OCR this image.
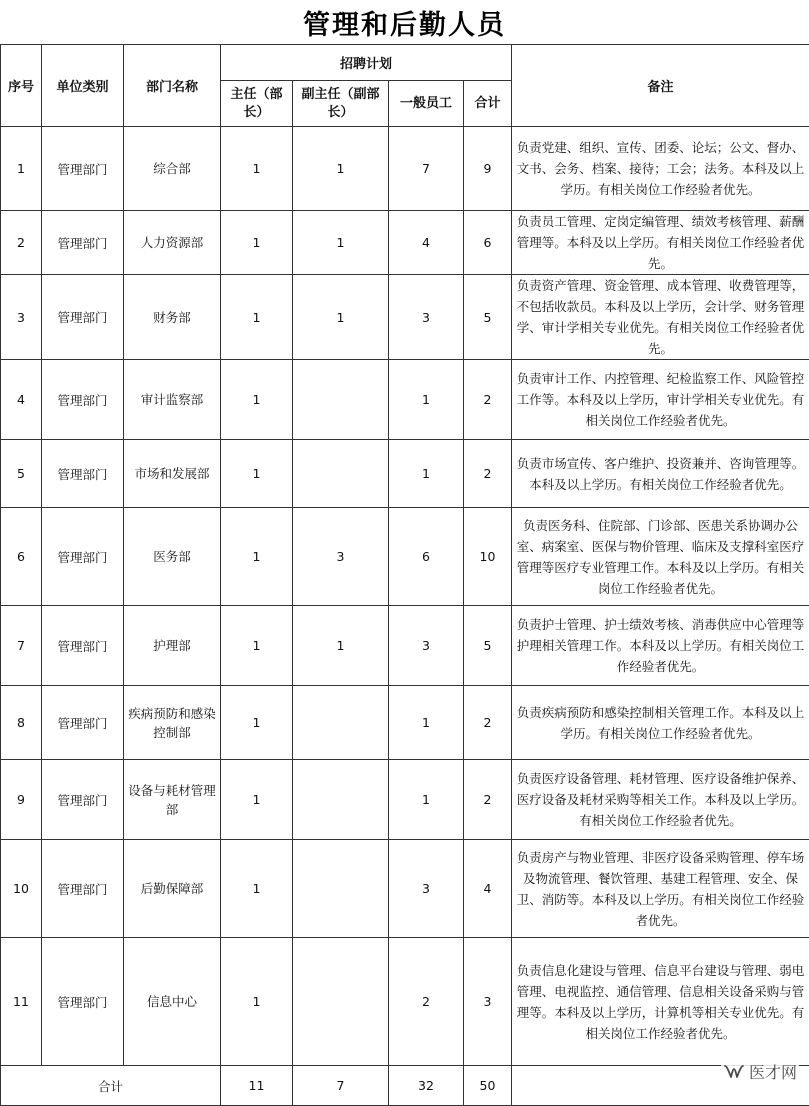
管理和后勤人员
序号	单位类别	部门名称	招聘计划				备注
			主任（部长）	副主任（副部长）	一般员工	合计	
1	管理部门	综合部	1	1	7	9	负责党建、组织、宣传、团委、论坛；公文、督办、文书、会务、档案、接待；工会；法务。本科及以上学历。有相关岗位工作经验者优先。
2	管理部门	人力资源部	1	1	4	6	负责员工管理、定岗定编管理、绩效考核管理、薪酬管理等。本科及以上学历。有相关岗位工作经验者优先。
3	管理部门	财务部	1	1	3	5	负责资产管理、资金管理、成本管理、收费管理等，不包括收款员。本科及以上学历，会计学、财务管理学、审计学相关专业优先。有相关岗位工作经验者优先。
4	管理部门	审计监察部	1		1	2	负责审计工作、内控管理、纪检监察工作、风险管控工作等。本科及以上学历，审计学相关专业优先。有相关岗位工作经验者优先。
5	管理部门	市场和发展部	1		1	2	负责市场宣传、客户维护、投资兼并、咨询管理等。本科及以上学历。有相关岗位工作经验者优先。
6	管理部门	医务部	1	3	6	10	负责医务科、住院部、门诊部、医患关系协调办公室、病案室、医保与物价管理、临床及支撑科室医疗管理等医疗专业管理工作。本科及以上学历。有相关岗位工作经验者优先。
7	管理部门	护理部	1	1	3	5	负责护士管理、护士绩效考核、消毒供应中心管理等护理相关管理工作。本科及以上学历。有相关岗位工作经验者优先。
8	管理部门	疾病预防和感染控制部	1		1	2	负责疾病预防和感染控制相关管理工作。本科及以上学历。有相关岗位工作经验者优先。
9	管理部门	设备与耗材管理部	1		1	2	负责医疗设备管理、耗材管理、医疗设备维护保养、医疗设备及耗材采购等相关工作。本科及以上学历。有相关岗位工作经验者优先。
10	管理部门	后勤保障部	1		3	4	负责房产与物业管理、非医疗设备采购管理、停车场及物流管理、餐饮管理、基建工程管理、安全、保卫、消防等。本科及以上学历。有相关岗位工作经验者优先。
11	管理部门	信息中心	1		2	3	负责信息化建设与管理、信息平台建设与管理、弱电管理、电视监控、通信管理、信息相关设备采购与管理等。本科及以上学历，计算机等相关专业优先。有相关岗位工作经验者优先。
合计			11	7	32	50	
医才网
